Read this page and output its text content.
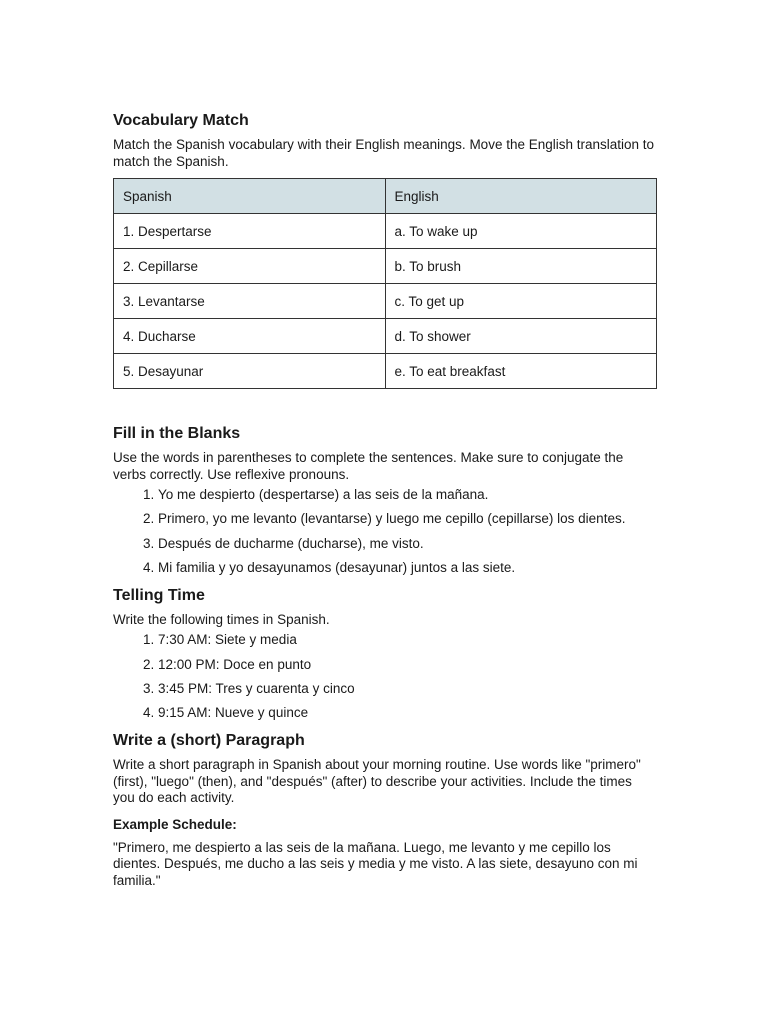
Vocabulary Match

Match the Spanish vocabulary with their English meanings. Move the English translation to match the Spanish.

Spanish	English
1. Despertarse	a. To wake up
2. Cepillarse	b. To brush
3. Levantarse	c. To get up
4. Ducharse	d. To shower
5. Desayunar	e. To eat breakfast
Fill in the Blanks

Use the words in parentheses to complete the sentences. Make sure to conjugate the verbs correctly. Use reflexive pronouns.

1. Yo me despierto (despertarse) a las seis de la mañana.
2. Primero, yo me levanto (levantarse) y luego me cepillo (cepillarse) los dientes.
3. Después de ducharme (ducharse), me visto.
4. Mi familia y yo desayunamos (desayunar) juntos a las siete.
Telling Time

Write the following times in Spanish.

1. 7:30 AM: Siete y media
2. 12:00 PM: Doce en punto
3. 3:45 PM: Tres y cuarenta y cinco
4. 9:15 AM: Nueve y quince
Write a (short) Paragraph

Write a short paragraph in Spanish about your morning routine. Use words like "primero" (first), "luego" (then), and "después" (after) to describe your activities. Include the times you do each activity.

Example Schedule:

"Primero, me despierto a las seis de la mañana. Luego, me levanto y me cepillo los dientes. Después, me ducho a las seis y media y me visto. A las siete, desayuno con mi familia."
